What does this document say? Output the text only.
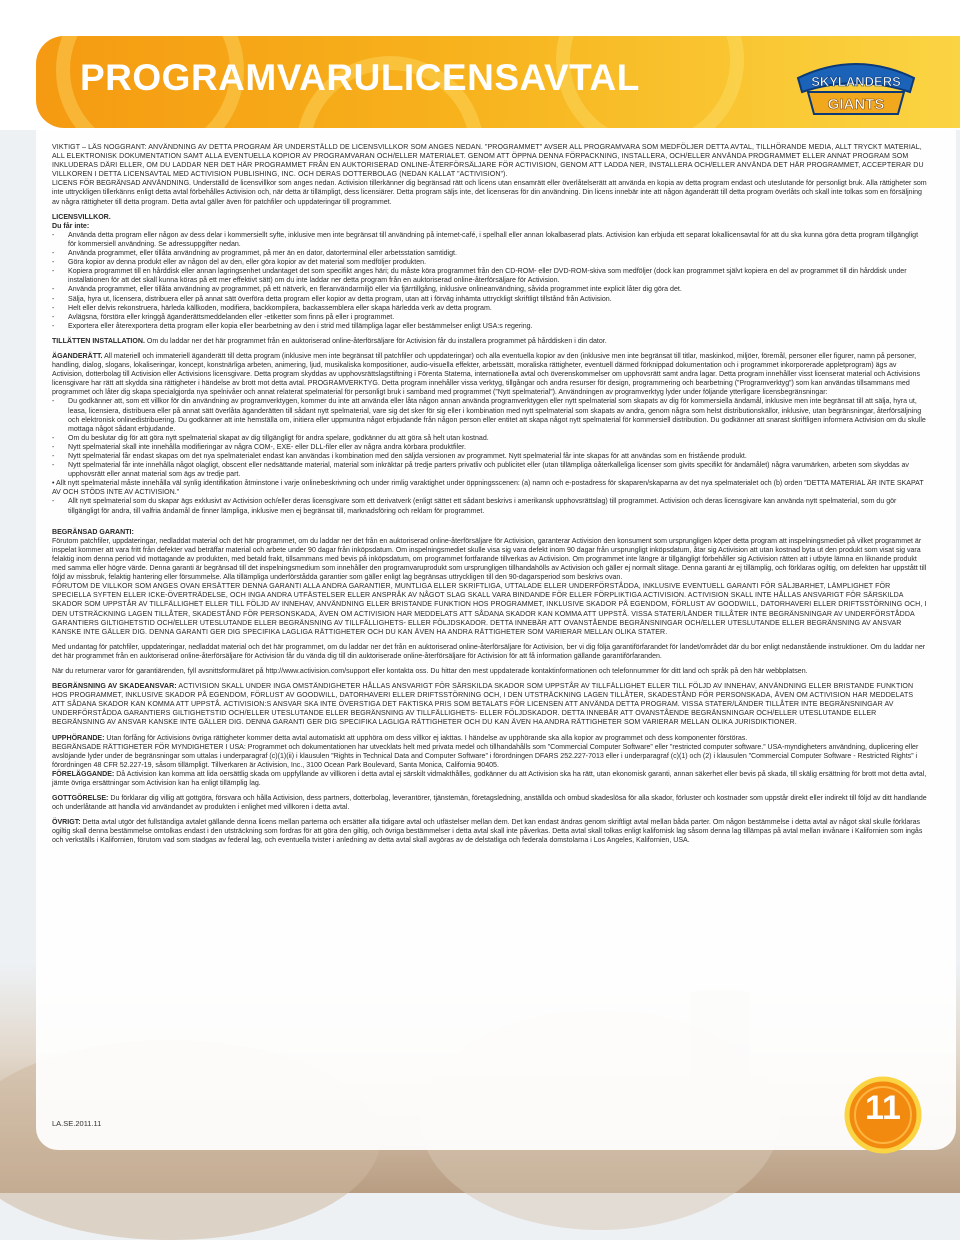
PROGRAMVARULICENSAVTAL	SKYLANDERS
GIANTS

VIKTIGT – LÄS NOGGRANT: ANVÄNDNING AV DETTA PROGRAM ÄR UNDERSTÄLLD DE LICENSVILLKOR SOM ANGES NEDAN. ”PROGRAMMET” AVSER ALL PROGRAMVARA SOM MEDFÖLJER DETTA AVTAL, TILLHÖRANDE MEDIA, ALLT TRYCKT MATERIAL, ALL ELEKTRONISK DOKUMENTATION SAMT ALLA EVENTUELLA KOPIOR AV PROGRAMVARAN OCH/ELLER MATERIALET. GENOM ATT ÖPPNA DENNA FÖRPACKNING, INSTALLERA, OCH/ELLER ANVÄNDA PROGRAMMET ELLER ANNAT PROGRAM SOM INKLUDERAS DÄRI ELLER, OM DU LADDAR NER DET HÄR PROGRAMMET FRÅN EN AUKTORISERAD ONLINE-ÅTERFÖRSÄLJARE FÖR ACTIVISION, GENOM ATT LADDA NER, INSTALLERA OCH/ELLER ANVÄNDA DET HÄR PROGRAMMET, ACCEPTERAR DU VILLKOREN I DETTA LICENSAVTAL MED ACTIVISION PUBLISHING, INC. OCH DERAS DOTTERBOLAG (NEDAN KALLAT ”ACTIVISION”).

LICENS FÖR BEGRÄNSAD ANVÄNDNING. Underställd de licensvillkor som anges nedan. Activision tillerkänner dig begränsad rätt och licens utan ensamrätt eller överlåtelserätt att använda en kopia av detta program endast och uteslutande för personligt bruk. Alla rättigheter som inte uttryckligen tillerkänns enligt detta avtal förbehålles Activision och, när detta är tillämpligt, dess licensiärer. Detta program säljs inte, det licenseras för din användning. Din licens innebär inte att någon äganderätt till detta program överlåts och skall inte tolkas som en försäljning av några rättigheter till detta program. Detta avtal gäller även för patchfiler och uppdateringar till programmet.

LICENSVILLKOR.

Du får inte:

- Använda detta program eller någon av dess delar i kommersiellt syfte, inklusive men inte begränsat till användning på internet-café, i spelhall eller annan lokalbaserad plats. Activision kan erbjuda ett separat lokallicensavtal för att du ska kunna göra detta program tillgängligt för kommersiell användning. Se adressuppgifter nedan.
- Använda programmet, eller tillåta användning av programmet, på mer än en dator, datorterminal eller arbetsstation samtidigt.
- Göra kopior av denna produkt eller av någon del av den, eller göra kopior av det material som medföljer produkten.
- Kopiera programmet till en hårddisk eller annan lagringsenhet undantaget det som specifikt anges häri; du måste köra programmet från den CD-ROM- eller DVD-ROM-skiva som medföljer (dock kan programmet självt kopiera en del av programmet till din hårddisk under installationen för att det skall kunna köras på ett mer effektivt sätt) om du inte laddar ner detta program från en auktoriserad online-återförsäljare för Activision.
- Använda programmet, eller tillåta användning av programmet, på ett nätverk, en fleranvändarmiljö eller via fjärrtillgång, inklusive onlineanvändning, såvida programmet inte explicit låter dig göra det.
- Sälja, hyra ut, licensera, distribuera eller på annat sätt överföra detta program eller kopior av detta program, utan att i förväg inhämta uttryckligt skriftligt tillstånd från Activision.
- Helt eller delvis rekonstruera, härleda källkoden, modifiera, backkompilera, backassemblera eller skapa härledda verk av detta program.
- Avlägsna, förstöra eller kringgå äganderättsmeddelanden eller -etiketter som finns på eller i programmet.
- Exportera eller återexportera detta program eller kopia eller bearbetning av den i strid med tillämpliga lagar eller bestämmelser enligt USA:s regering.

TILLÄTTEN INSTALLATION. Om du laddar ner det här programmet från en auktoriserad online-återförsäljare för Activision får du installera programmet på hårddisken i din dator.

ÄGANDERÄTT. All materiell och immateriell äganderätt till detta program (inklusive men inte begränsat till patchfiler och uppdateringar) och alla eventuella kopior av den (inklusive men inte begränsat till titlar, maskinkod, miljöer, föremål, personer eller figurer, namn på personer, handling, dialog, slogans, lokaliseringar, koncept, konstnärliga arbeten, animering, ljud, musikaliska kompositioner, audio-visuella effekter, arbetssätt, moraliska rättigheter, eventuell därmed förknippad dokumentation och i programmet inkorporerade appletprogram) ägs av Activision, dotterbolag till Activision eller Activisions licensgivare. Detta program skyddas av upphovsrättslagstiftning i Förenta Staterna, internationella avtal och överenskommelser om upphovsrätt samt andra lagar. Detta program innehåller visst licenserat material och Activisions licensgivare har rätt att skydda sina rättigheter i händelse av brott mot detta avtal. PROGRAMVERKTYG. Detta program innehåller vissa verktyg, tillgångar och andra resurser för design, programmering och bearbetning (”Programverktyg”) som kan användas tillsammans med programmet och låter dig skapa specialgjorda nya spelnivåer och annat relaterat spelmaterial för personligt bruk i samband med programmet (”Nytt spelmaterial”). Användningen av programverktyg lyder under följande ytterligare licensbegränsningar:

- Du godkänner att, som ett villkor för din användning av programverktygen, kommer du inte att använda eller låta någon annan använda programverktygen eller nytt spelmaterial som skapats av dig för kommersiella ändamål, inklusive men inte begränsat till att sälja, hyra ut, leasa, licensiera, distribuera eller på annat sätt överlåta äganderätten till sådant nytt spelmaterial, vare sig det sker för sig eller i kombination med nytt spelmaterial som skapats av andra, genom några som helst distributionskällor, inklusive, utan begränsningar, återförsäljning och elektronisk onlinedistribuering. Du godkänner att inte hemställa om, initiera eller uppmuntra något erbjudande från någon person eller entitet att skapa något nytt spelmaterial för kommersiell distribution. Du godkänner att snarast skriftligen informera Activision om du skulle mottaga något sådant erbjudande.
- Om du beslutar dig för att göra nytt spelmaterial skapat av dig tillgängligt för andra spelare, godkänner du att göra så helt utan kostnad.
- Nytt spelmaterial skall inte innehålla modifieringar av några COM-, EXE- eller DLL-filer eller av några andra körbara produktfiler.
- Nytt spelmaterial får endast skapas om det nya spelmaterialet endast kan användas i kombination med den säljda versionen av programmet. Nytt spelmaterial får inte skapas för att användas som en fristående produkt.
- Nytt spelmaterial får inte innehålla något olagligt, obscent eller nedsättande material, material som inkräktar på tredje parters privatliv och publicitet eller (utan tillämpliga oåterkalleliga licenser som givits specifikt för ändamålet) några varumärken, arbeten som skyddas av upphovsrätt eller annat material som ägs av tredje part.

• Allt nytt spelmaterial måste innehålla väl synlig identifikation åtminstone i varje onlinebeskrivning och under rimlig varaktighet under öppningsscenen: (a) namn och e-postadress för skaparen/skaparna av det nya spelmaterialet och (b) orden ”DETTA MATERIAL ÄR INTE SKAPAT AV OCH STÖDS INTE AV ACTIVISION.”

- Allt nytt spelmaterial som du skapar ägs exklusivt av Activision och/eller deras licensgivare som ett derivatverk (enligt sättet ett sådant beskrivs i amerikansk upphovsrättslag) till programmet. Activision och deras licensgivare kan använda nytt spelmaterial, som du gör tillgängligt för andra, till valfria ändamål de finner lämpliga, inklusive men ej begränsat till, marknadsföring och reklam för programmet.

BEGRÄNSAD GARANTI:

Förutom patchfiler, uppdateringar, nedladdat material och det här programmet, om du laddar ner det från en auktoriserad online-återförsäljare för Activision, garanterar Activision den konsument som ursprungligen köper detta program att inspelningsmediet på vilket programmet är inspelat kommer att vara fritt från defekter vad beträffar material och arbete under 90 dagar från inköpsdatum. Om inspelningsmediet skulle visa sig vara defekt inom 90 dagar från ursprungligt inköpsdatum, åtar sig Activision att utan kostnad byta ut den produkt som visat sig vara felaktig inom denna period vid mottagande av produkten, med betald frakt, tillsammans med bevis på inköpsdatum, om programmet fortfarande tillverkas av Activision. Om programmet inte längre är tillgängligt förbehåller sig Activision rätten att i utbyte lämna en liknande produkt med samma eller högre värde. Denna garanti är begränsad till det inspelningsmedium som innehåller den programvaruprodukt som ursprungligen tillhandahölls av Activision och gäller ej normalt slitage. Denna garanti är ej tillämplig, och förklaras ogiltig, om defekten har uppstått till följd av missbruk, felaktig hantering eller försummelse. Alla tillämpliga underförstådda garantier som gäller enligt lag begränsas uttryckligen till den 90-dagarsperiod som beskrivs ovan.

FÖRUTOM DE VILLKOR SOM ANGES OVAN ERSÄTTER DENNA GARANTI ALLA ANDRA GARANTIER, MUNTLIGA ELLER SKRIFTLIGA, UTTALADE ELLER UNDERFÖRSTÅDDA, INKLUSIVE EVENTUELL GARANTI FÖR SÄLJBARHET, LÄMPLIGHET FÖR SPECIELLA SYFTEN ELLER ICKE-ÖVERTRÄDELSE, OCH INGA ANDRA UTFÄSTELSER ELLER ANSPRÅK AV NÅGOT SLAG SKALL VARA BINDANDE FÖR ELLER FÖRPLIKTIGA ACTIVISION. ACTIVISION SKALL INTE HÅLLAS ANSVARIGT FÖR SÄRSKILDA SKADOR SOM UPPSTÅR AV TILLFÄLLIGHET ELLER TILL FÖLJD AV INNEHAV, ANVÄNDNING ELLER BRISTANDE FUNKTION HOS PROGRAMMET, INKLUSIVE SKADOR PÅ EGENDOM, FÖRLUST AV GOODWILL, DATORHAVERI ELLER DRIFTSSTÖRNING OCH, I DEN UTSTRÄCKNING LAGEN TILLÅTER, SKADESTÅND FÖR PERSONSKADA, ÄVEN OM ACTIVISION HAR MEDDELATS ATT SÅDANA SKADOR KAN KOMMA ATT UPPSTÅ. VISSA STATER/LÄNDER TILLÅTER INTE BEGRÄNSNINGAR AV UNDERFÖRSTÅDDA GARANTIERS GILTIGHETSTID OCH/ELLER UTESLUTANDE ELLER BEGRÄNSNING AV TILLFÄLLIGHETS- ELLER FÖLJDSKADOR. DETTA INNEBÄR ATT OVANSTÅENDE BEGRÄNSNINGAR OCH/ELLER UTESLUTANDE ELLER BEGRÄNSNING AV ANSVAR KANSKE INTE GÄLLER DIG. DENNA GARANTI GER DIG SPECIFIKA LAGLIGA RÄTTIGHETER OCH DU KAN ÄVEN HA ANDRA RÄTTIGHETER SOM VARIERAR MELLAN OLIKA STATER.

Med undantag för patchfiler, uppdateringar, nedladdat material och det här programmet, om du laddar ner det från en auktoriserad online-återförsäljare för Activision, ber vi dig följa garantiförfarandet för landet/området där du bor enligt nedanstående instruktioner. Om du laddar ner det här programmet från en auktoriserad online-återförsäljare för Activision får du vända dig till din auktoriserade online-återförsäljare för Activision för att få information gällande garantiförfaranden.

När du returnerar varor för garantiärenden, fyll avsnittsformuläret på http://www.activision.com/support eller kontakta oss. Du hittar den mest uppdaterade kontaktinformationen och telefonnummer för ditt land och språk på den här webbplatsen.

BEGRÄNSNING AV SKADEANSVAR: ACTIVISION SKALL UNDER INGA OMSTÄNDIGHETER HÅLLAS ANSVARIGT FÖR SÄRSKILDA SKADOR SOM UPPSTÅR AV TILLFÄLLIGHET ELLER TILL FÖLJD AV INNEHAV, ANVÄNDNING ELLER BRISTANDE FUNKTION HOS PROGRAMMET, INKLUSIVE SKADOR PÅ EGENDOM, FÖRLUST AV GOODWILL, DATORHAVERI ELLER DRIFTSSTÖRNING OCH, I DEN UTSTRÄCKNING LAGEN TILLÅTER, SKADESTÅND FÖR PERSONSKADA, ÄVEN OM ACTIVISION HAR MEDDELATS ATT SÅDANA SKADOR KAN KOMMA ATT UPPSTÅ. ACTIVISION:S ANSVAR SKA INTE ÖVERSTIGA DET FAKTISKA PRIS SOM BETALATS FÖR LICENSEN ATT ANVÄNDA DETTA PROGRAM. VISSA STATER/LÄNDER TILLÅTER INTE BEGRÄNSNINGAR AV UNDERFÖRSTÅDDA GARANTIERS GILTIGHETSTID OCH/ELLER UTESLUTANDE ELLER BEGRÄNSNING AV TILLFÄLLIGHETS- ELLER FÖLJDSKADOR. DETTA INNEBÄR ATT OVANSTÅENDE BEGRÄNSNINGAR OCH/ELLER UTESLUTANDE ELLER BEGRÄNSNING AV ANSVAR KANSKE INTE GÄLLER DIG. DENNA GARANTI GER DIG SPECIFIKA LAGLIGA RÄTTIGHETER OCH DU KAN ÄVEN HA ANDRA RÄTTIGHETER SOM VARIERAR MELLAN OLIKA JURISDIKTIONER.

UPPHÖRANDE: Utan förfång för Activisions övriga rättigheter kommer detta avtal automatiskt att upphöra om dess villkor ej iakttas. I händelse av upphörande ska alla kopior av programmet och dess komponenter förstöras.

BEGRÄNSADE RÄTTIGHETER FÖR MYNDIGHETER I USA: Programmet och dokumentationen har utvecklats helt med privata medel och tillhandahålls som ”Commercial Computer Software” eller ”restricted computer software.” USA-myndigheters användning, duplicering eller avslöjande lyder under de begränsningar som uttalas i underparagraf (c)(1)(ii) i klausulen ”Rights in Technical Data and Computer Software” i förordningen DFARS 252.227-7013 eller i underparagraf (c)(1) och (2) i klausulen ”Commercial Computer Software - Restricted Rights” i förordningen 48 CFR 52.227-19, såsom tillämpligt. Tillverkaren är Activision, Inc., 3100 Ocean Park Boulevard, Santa Monica, California 90405.

FÖRELÄGGANDE: Då Activision kan komma att lida oersättlig skada om uppfyllande av villkoren i detta avtal ej särskilt vidmakthålles, godkänner du att Activision ska ha rätt, utan ekonomisk garanti, annan säkerhet eller bevis på skada, till skälig ersättning för brott mot detta avtal, jämte övriga ersättningar som Activision kan ha enligt tillämplig lag.

GOTTGÖRELSE: Du förklarar dig villig att gottgöra, försvara och hålla Activision, dess partners, dotterbolag, leverantörer, tjänstemän, företagsledning, anställda och ombud skadeslösa för alla skador, förluster och kostnader som uppstår direkt eller indirekt till följd av ditt handlande och underlåtande att handla vid användandet av produkten i enlighet med villkoren i detta avtal.

ÖVRIGT: Detta avtal utgör det fullständiga avtalet gällande denna licens mellan parterna och ersätter alla tidigare avtal och utfästelser mellan dem. Det kan endast ändras genom skriftligt avtal mellan båda parter. Om någon bestämmelse i detta avtal av något skäl skulle förklaras ogiltig skall denna bestämmelse omtolkas endast i den utsträckning som fordras för att göra den giltig, och övriga bestämmelser i detta avtal skall inte påverkas. Detta avtal skall tolkas enligt kalifornisk lag såsom denna lag tillämpas på avtal mellan invånare i Kalifornien som ingås och verkställs i Kalifornien, förutom vad som stadgas av federal lag, och eventuella tvister i anledning av detta avtal skall avgöras av de delstatliga och federala domstolarna i Los Angeles, Kalifornien, USA.

LA.SE.2011.11	11
